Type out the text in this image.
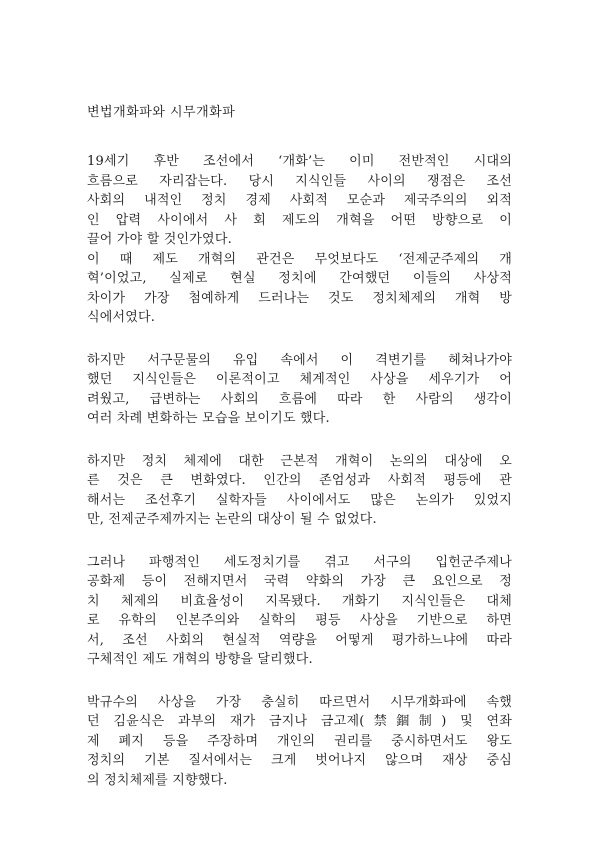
변법개화파와 시무개화파

19세기 후반 조선에서 ‘개화’는 이미 전반적인 시대의
흐름으로 자리잡는다. 당시 지식인들 사이의 쟁점은 조선
사회의 내적인 정치 경제 사회적 모순과 제국주의의 외적
인 압력 사이에서 사 회 제도의 개혁을 어떤 방향으로 이
끌어 가야 할 것인가였다.
이 때 제도 개혁의 관건은 무엇보다도 ‘전제군주제의 개
혁’이었고, 실제로 현실 정치에 간여했던 이들의 사상적
차이가 가장 첨예하게 드러나는 것도 정치체제의 개혁 방
식에서였다.

하지만 서구문물의 유입 속에서 이 격변기를 헤쳐나가야
했던 지식인들은 이론적이고 체계적인 사상을 세우기가 어
려웠고, 급변하는 사회의 흐름에 따라 한 사람의 생각이
여러 차례 변화하는 모습을 보이기도 했다.

하지만 정치 체제에 대한 근본적 개혁이 논의의 대상에 오
른 것은 큰 변화였다. 인간의 존엄성과 사회적 평등에 관
해서는 조선후기 실학자들 사이에서도 많은 논의가 있었지
만, 전제군주제까지는 논란의 대상이 될 수 없었다.

그러나 파행적인 세도정치기를 겪고 서구의 입헌군주제나
공화제 등이 전해지면서 국력 약화의 가장 큰 요인으로 정
치 체제의 비효율성이 지목됐다. 개화기 지식인들은 대체
로 유학의 인본주의와 실학의 평등 사상을 기반으로 하면
서, 조선 사회의 현실적 역량을 어떻게 평가하느냐에 따라
구체적인 제도 개혁의 방향을 달리했다.

박규수의 사상을 가장 충실히 따르면서 시무개화파에 속했
던 김윤식은 과부의 재가 금지나 금고제(禁錮制) 및 연좌
제 폐지 등을 주장하며 개인의 권리를 중시하면서도 왕도
정치의 기본 질서에서는 크게 벗어나지 않으며 재상 중심
의 정치체제를 지향했다.
